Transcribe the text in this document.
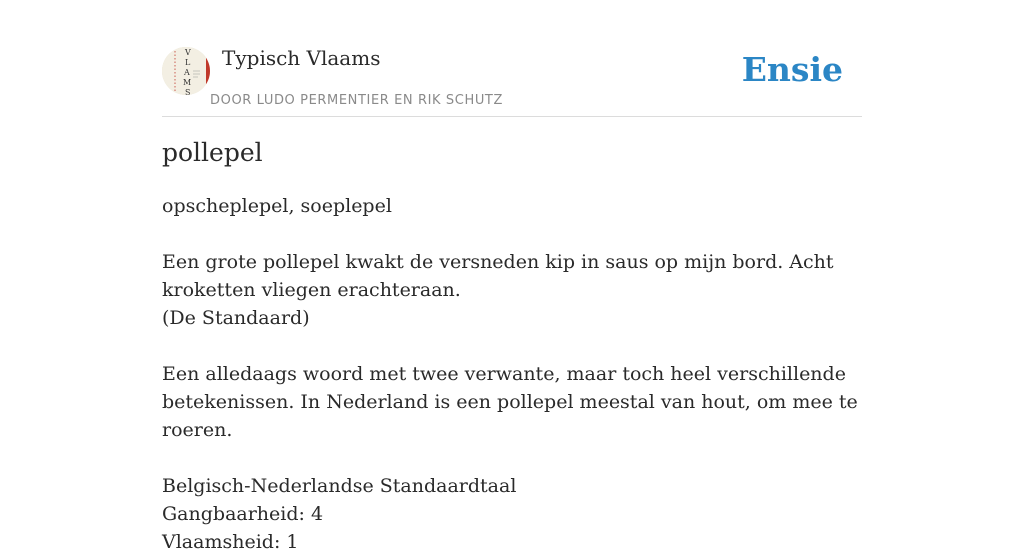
V
L
A
M
S
Typisch Vlaams
DOOR LUDO PERMENTIER EN RIK SCHUTZ
Ensie
pollepel

opscheplepel, soeplepel

Een grote pollepel kwakt de versneden kip in saus op mijn bord. Acht kroketten vliegen erachteraan.

(De Standaard)

Een alledaags woord met twee verwante, maar toch heel verschillende betekenissen. In Nederland is een pollepel meestal van hout, om mee te roeren.

Belgisch-Nederlandse Standaardtaal

Gangbaarheid: 4

Vlaamsheid: 1
